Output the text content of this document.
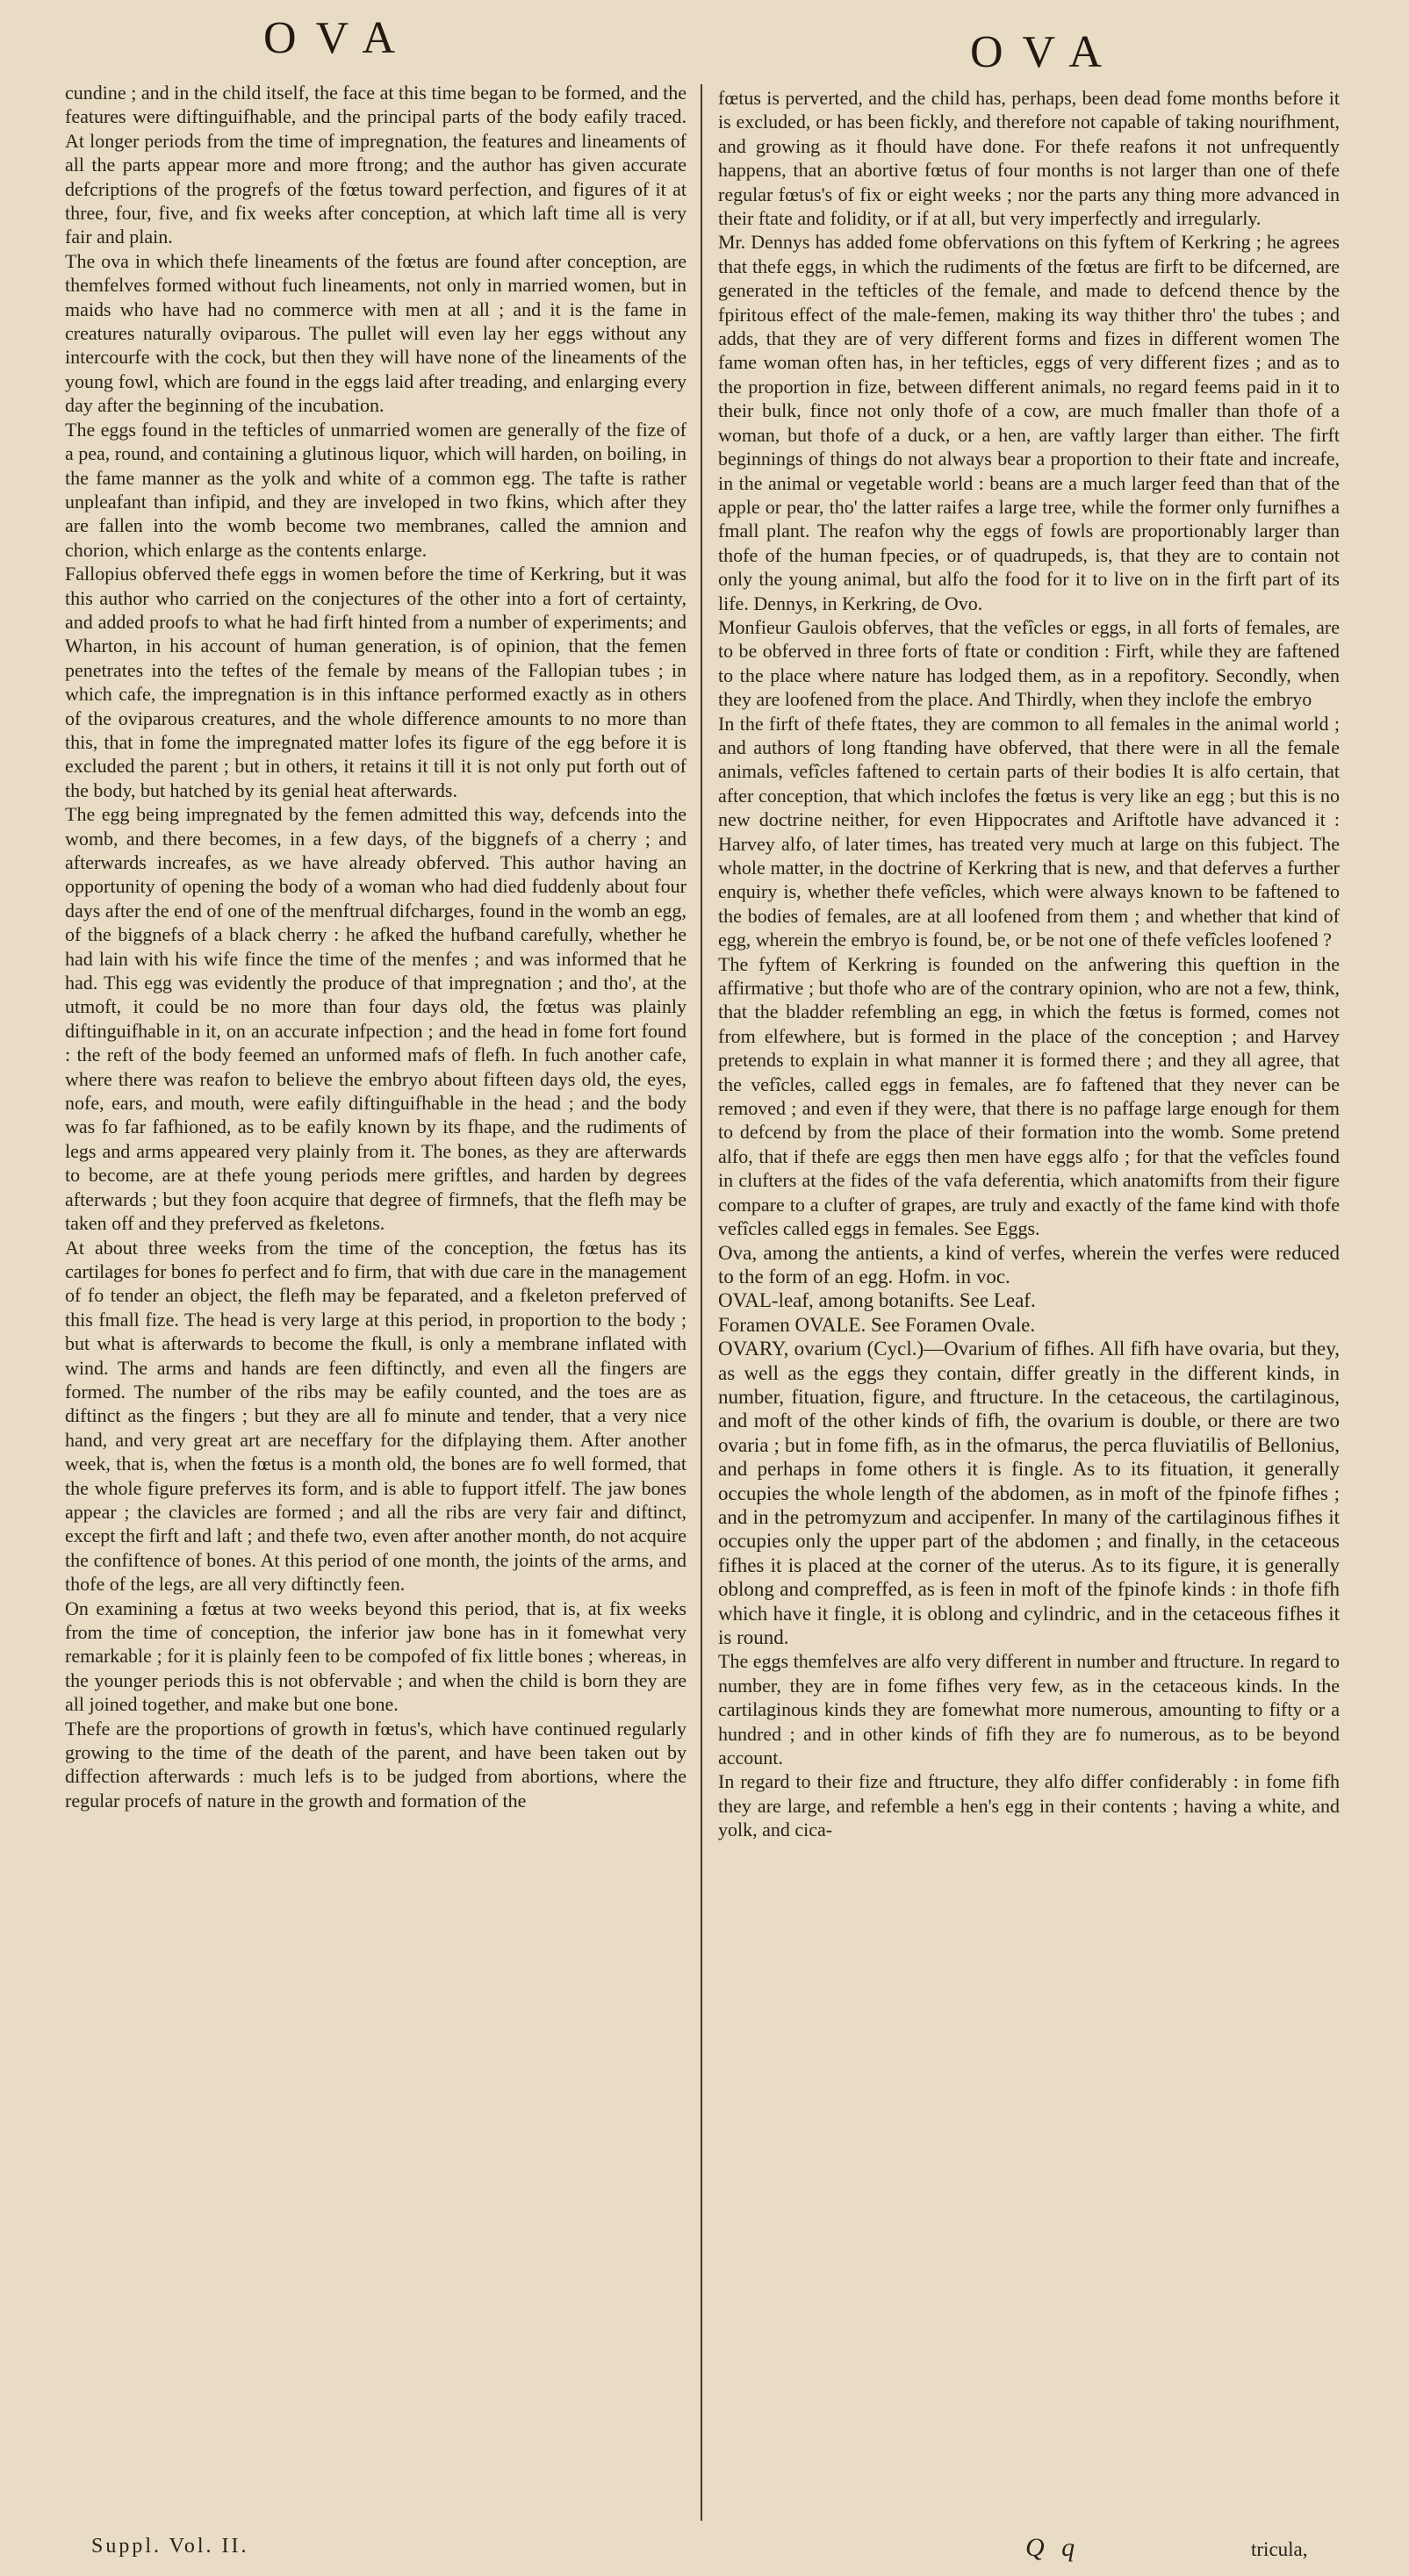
OVA	OVA

cundine ; and in the child itself, the face at this time began to be formed, and the features were diftinguifhable, and the principal parts of the body eafily traced. At longer periods from the time of impregnation, the features and lineaments of all the parts appear more and more ftrong; and the author has given accurate defcriptions of the progrefs of the fœtus toward perfection, and figures of it at three, four, five, and fix weeks after conception, at which laft time all is very fair and plain.

The ova in which thefe lineaments of the fœtus are found after conception, are themfelves formed without fuch lineaments, not only in married women, but in maids who have had no commerce with men at all ; and it is the fame in creatures naturally oviparous. The pullet will even lay her eggs without any intercourfe with the cock, but then they will have none of the lineaments of the young fowl, which are found in the eggs laid after treading, and enlarging every day after the beginning of the incubation.

The eggs found in the tefticles of unmarried women are generally of the fize of a pea, round, and containing a glutinous liquor, which will harden, on boiling, in the fame manner as the yolk and white of a common egg. The tafte is rather unpleafant than infipid, and they are inveloped in two fkins, which after they are fallen into the womb become two membranes, called the amnion and chorion, which enlarge as the contents enlarge.

Fallopius obferved thefe eggs in women before the time of Kerkring, but it was this author who carried on the conjectures of the other into a fort of certainty, and added proofs to what he had firft hinted from a number of experiments; and Wharton, in his account of human generation, is of opinion, that the femen penetrates into the teftes of the female by means of the Fallopian tubes ; in which cafe, the impregnation is in this inftance performed exactly as in others of the oviparous creatures, and the whole difference amounts to no more than this, that in fome the impregnated matter lofes its figure of the egg before it is excluded the parent ; but in others, it retains it till it is not only put forth out of the body, but hatched by its genial heat afterwards.

The egg being impregnated by the femen admitted this way, defcends into the womb, and there becomes, in a few days, of the biggnefs of a cherry ; and afterwards increafes, as we have already obferved. This author having an opportunity of opening the body of a woman who had died fuddenly about four days after the end of one of the menftrual difcharges, found in the womb an egg, of the biggnefs of a black cherry : he afked the hufband carefully, whether he had lain with his wife fince the time of the menfes ; and was informed that he had. This egg was evidently the produce of that impregnation ; and tho', at the utmoft, it could be no more than four days old, the fœtus was plainly diftinguifhable in it, on an accurate infpection ; and the head in fome fort found : the reft of the body feemed an unformed mafs of flefh. In fuch another cafe, where there was reafon to believe the embryo about fifteen days old, the eyes, nofe, ears, and mouth, were eafily diftinguifhable in the head ; and the body was fo far fafhioned, as to be eafily known by its fhape, and the rudiments of legs and arms appeared very plainly from it. The bones, as they are afterwards to become, are at thefe young periods mere griftles, and harden by degrees afterwards ; but they foon acquire that degree of firmnefs, that the flefh may be taken off and they preferved as fkeletons.

At about three weeks from the time of the conception, the fœtus has its cartilages for bones fo perfect and fo firm, that with due care in the management of fo tender an object, the flefh may be feparated, and a fkeleton preferved of this fmall fize. The head is very large at this period, in proportion to the body ; but what is afterwards to become the fkull, is only a membrane inflated with wind. The arms and hands are feen diftinctly, and even all the fingers are formed. The number of the ribs may be eafily counted, and the toes are as diftinct as the fingers ; but they are all fo minute and tender, that a very nice hand, and very great art are neceffary for the difplaying them. After another week, that is, when the fœtus is a month old, the bones are fo well formed, that the whole figure preferves its form, and is able to fupport itfelf. The jaw bones appear ; the clavicles are formed ; and all the ribs are very fair and diftinct, except the firft and laft ; and thefe two, even after another month, do not acquire the confiftence of bones. At this period of one month, the joints of the arms, and thofe of the legs, are all very diftinctly feen.

On examining a fœtus at two weeks beyond this period, that is, at fix weeks from the time of conception, the inferior jaw bone has in it fomewhat very remarkable ; for it is plainly feen to be compofed of fix little bones ; whereas, in the younger periods this is not obfervable ; and when the child is born they are all joined together, and make but one bone.

Thefe are the proportions of growth in fœtus's, which have continued regularly growing to the time of the death of the parent, and have been taken out by diffection afterwards : much lefs is to be judged from abortions, where the regular procefs of nature in the growth and formation of the

fœtus is perverted, and the child has, perhaps, been dead fome months before it is excluded, or has been fickly, and therefore not capable of taking nourifhment, and growing as it fhould have done. For thefe reafons it not unfrequently happens, that an abortive fœtus of four months is not larger than one of thefe regular fœtus's of fix or eight weeks ; nor the parts any thing more advanced in their ftate and folidity, or if at all, but very imperfectly and irregularly.

Mr. Dennys has added fome obfervations on this fyftem of Kerkring ; he agrees that thefe eggs, in which the rudiments of the fœtus are firft to be difcerned, are generated in the tefticles of the female, and made to defcend thence by the fpiritous effect of the male-femen, making its way thither thro' the tubes ; and adds, that they are of very different forms and fizes in different women The fame woman often has, in her tefticles, eggs of very different fizes ; and as to the proportion in fize, between different animals, no regard feems paid in it to their bulk, fince not only thofe of a cow, are much fmaller than thofe of a woman, but thofe of a duck, or a hen, are vaftly larger than either. The firft beginnings of things do not always bear a proportion to their ftate and increafe, in the animal or vegetable world : beans are a much larger feed than that of the apple or pear, tho' the latter raifes a large tree, while the former only furnifhes a fmall plant. The reafon why the eggs of fowls are proportionably larger than thofe of the human fpecies, or of quadrupeds, is, that they are to contain not only the young animal, but alfo the food for it to live on in the firft part of its life. Dennys, in Kerkring, de Ovo.

Monfieur Gaulois obferves, that the vefîcles or eggs, in all forts of females, are to be obferved in three forts of ftate or condition : Firft, while they are faftened to the place where nature has lodged them, as in a repofitory. Secondly, when they are loofened from the place. And Thirdly, when they inclofe the embryo

In the firft of thefe ftates, they are common to all females in the animal world ; and authors of long ftanding have obferved, that there were in all the female animals, vefîcles faftened to certain parts of their bodies It is alfo certain, that after conception, that which inclofes the fœtus is very like an egg ; but this is no new doctrine neither, for even Hippocrates and Ariftotle have advanced it : Harvey alfo, of later times, has treated very much at large on this fubject. The whole matter, in the doctrine of Kerkring that is new, and that deferves a further enquiry is, whether thefe vefîcles, which were always known to be faftened to the bodies of females, are at all loofened from them ; and whether that kind of egg, wherein the embryo is found, be, or be not one of thefe vefîcles loofened ?

The fyftem of Kerkring is founded on the anfwering this queftion in the affirmative ; but thofe who are of the contrary opinion, who are not a few, think, that the bladder refembling an egg, in which the fœtus is formed, comes not from elfewhere, but is formed in the place of the conception ; and Harvey pretends to explain in what manner it is formed there ; and they all agree, that the vefîcles, called eggs in females, are fo faftened that they never can be removed ; and even if they were, that there is no paffage large enough for them to defcend by from the place of their formation into the womb. Some pretend alfo, that if thefe are eggs then men have eggs alfo ; for that the vefîcles found in clufters at the fides of the vafa deferentia, which anatomifts from their figure compare to a clufter of grapes, are truly and exactly of the fame kind with thofe vefîcles called eggs in females. See Eggs.

Ova, among the antients, a kind of verfes, wherein the verfes were reduced to the form of an egg. Hofm. in voc.

OVAL-leaf, among botanifts. See Leaf.

Foramen OVALE. See Foramen Ovale.

OVARY, ovarium (Cycl.)—Ovarium of fifhes. All fifh have ovaria, but they, as well as the eggs they contain, differ greatly in the different kinds, in number, fituation, figure, and ftructure. In the cetaceous, the cartilaginous, and moft of the other kinds of fifh, the ovarium is double, or there are two ovaria ; but in fome fifh, as in the ofmarus, the perca fluviatilis of Bellonius, and perhaps in fome others it is fingle. As to its fituation, it generally occupies the whole length of the abdomen, as in moft of the fpinofe fifhes ; and in the petromyzum and accipenfer. In many of the cartilaginous fifhes it occupies only the upper part of the abdomen ; and finally, in the cetaceous fifhes it is placed at the corner of the uterus. As to its figure, it is generally oblong and compreffed, as is feen in moft of the fpinofe kinds : in thofe fifh which have it fingle, it is oblong and cylindric, and in the cetaceous fifhes it is round.

The eggs themfelves are alfo very different in number and ftructure. In regard to number, they are in fome fifhes very few, as in the cetaceous kinds. In the cartilaginous kinds they are fomewhat more numerous, amounting to fifty or a hundred ; and in other kinds of fifh they are fo numerous, as to be beyond account.

In regard to their fize and ftructure, they alfo differ confiderably : in fome fifh they are large, and refemble a hen's egg in their contents ; having a white, and yolk, and cica-

Suppl. Vol. II.	Q q	tricula,
